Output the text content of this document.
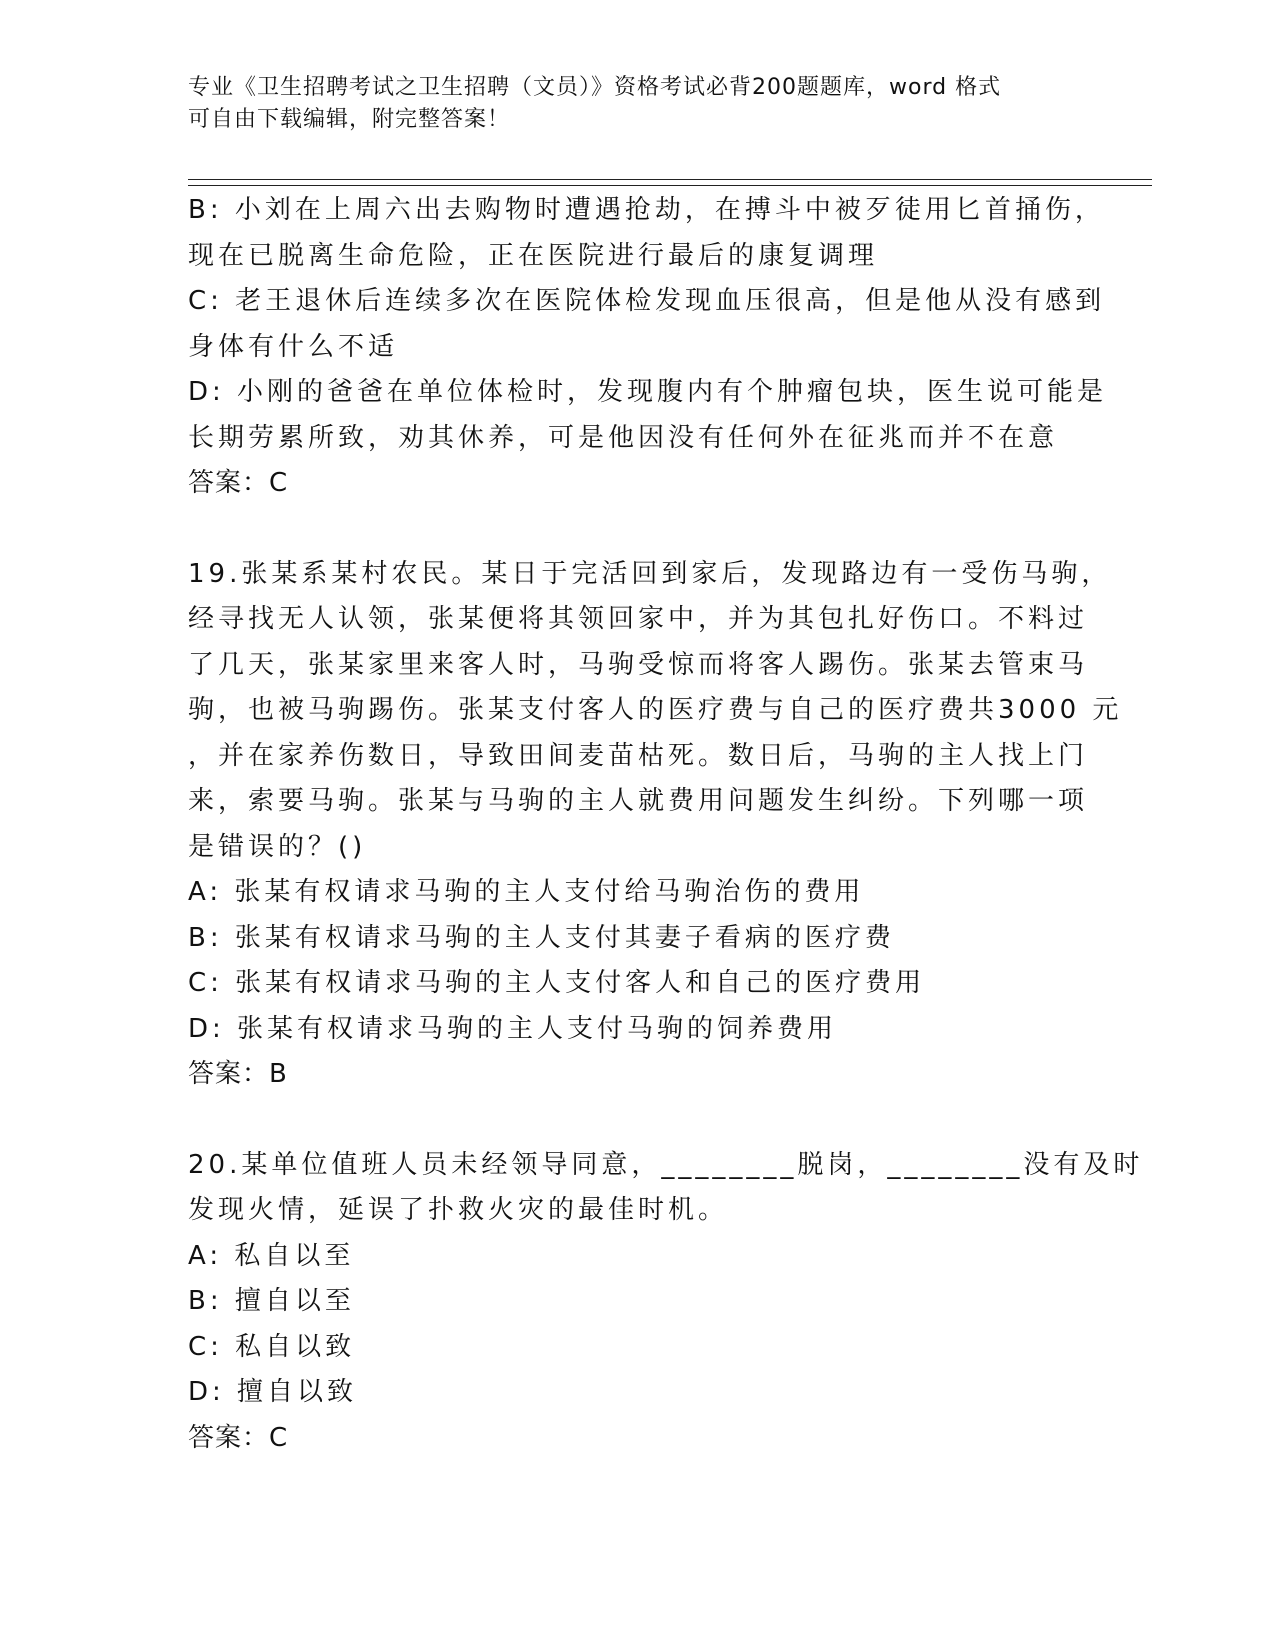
专业《卫生招聘考试之卫生招聘（文员）》资格考试必背200题题库，word 格式
可自由下载编辑，附完整答案！
B: 小刘在上周六出去购物时遭遇抢劫，在搏斗中被歹徒用匕首捅伤，
现在已脱离生命危险，正在医院进行最后的康复调理
C: 老王退休后连续多次在医院体检发现血压很高，但是他从没有感到
身体有什么不适
D: 小刚的爸爸在单位体检时，发现腹内有个肿瘤包块，医生说可能是
长期劳累所致，劝其休养，可是他因没有任何外在征兆而并不在意
答案：C
19.张某系某村农民。某日于完活回到家后，发现路边有一受伤马驹，
经寻找无人认领，张某便将其领回家中，并为其包扎好伤口。不料过
了几天，张某家里来客人时，马驹受惊而将客人踢伤。张某去管束马
驹，也被马驹踢伤。张某支付客人的医疗费与自己的医疗费共3000 元
，并在家养伤数日，导致田间麦苗枯死。数日后，马驹的主人找上门
来，索要马驹。张某与马驹的主人就费用问题发生纠纷。下列哪一项
是错误的？()
A: 张某有权请求马驹的主人支付给马驹治伤的费用
B: 张某有权请求马驹的主人支付其妻子看病的医疗费
C: 张某有权请求马驹的主人支付客人和自己的医疗费用
D: 张某有权请求马驹的主人支付马驹的饲养费用
答案：B
20.某单位值班人员未经领导同意，________脱岗，________没有及时
发现火情，延误了扑救火灾的最佳时机。
A: 私自以至
B: 擅自以至
C: 私自以致
D: 擅自以致
答案：C
